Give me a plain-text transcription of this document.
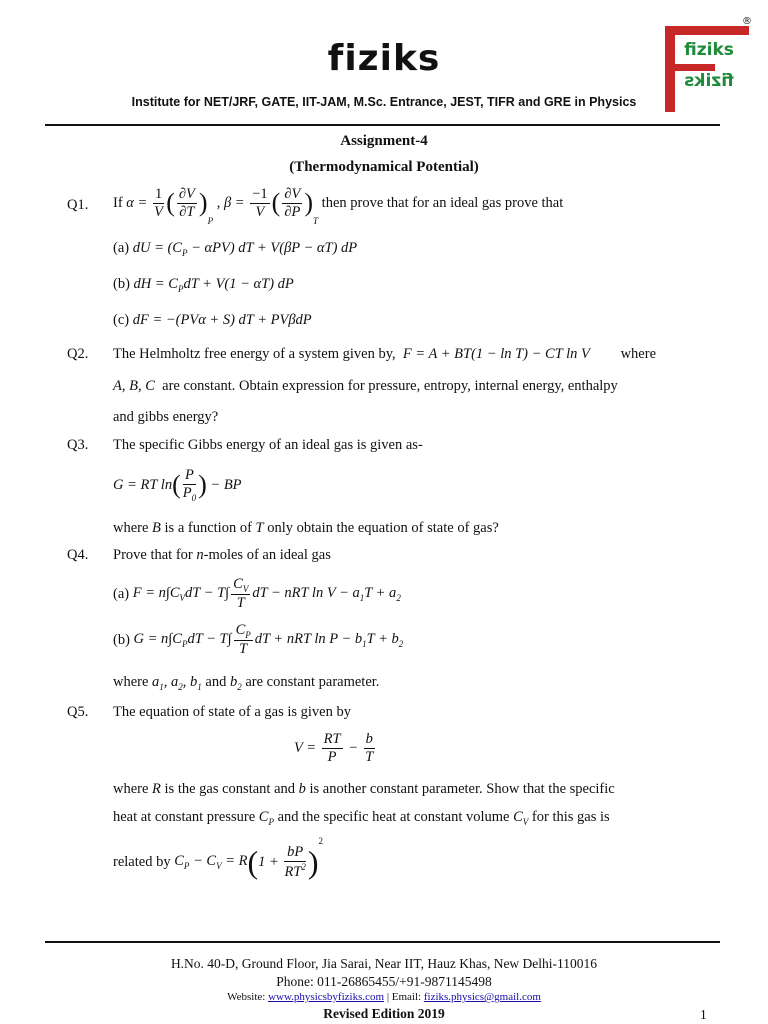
fiziks
Institute for NET/JRF, GATE, IIT-JAM, M.Sc. Entrance, JEST, TIFR and GRE in Physics
fiziks
fiziks
®
Assignment-4
(Thermodynamical Potential)
Q1. If
$\alpha = \frac{1}{V}$ ( $\frac{\partial V}{\partial T}$ )
$_P$
, $\beta = \frac{-1}{V}$ ( $\frac{\partial V}{\partial P}$ )
$_T$

then prove that for an ideal gas prove that
(a) dU = $(C_P - \alpha PV)$ dT + V(βP − αT) dP
(b) dH = $C_PdT + V(1 - \alpha T)$ dP
(c) dF = −(PVα + S) dT + PVβdP
Q2. The Helmholtz free energy of a system given by,  F = A + BT(1 − ln T) − CT ln V where
A, B, C are constant. Obtain expression for pressure, entropy, internal energy, enthalpy
and gibbs energy?
Q3. The specific Gibbs energy of an ideal gas is given as-
G = RT ln ( $\frac{P}{P_0}$ ) − BP
where B is a function of T only obtain the equation of state of gas?
Q4. Prove that for n-moles of an ideal gas
(a)
$F = n\int C_VdT - T\int \frac{C_V}{T}$ dT − nRT $\ln V - a_1T + a_2$
(b)
$G = n\int C_PdT - T\int \frac{C_P}{T}$ dT + nRT $\ln P - b_1T + b_2$
where $a_1$, $a_2$, $b_1$ and $b_2$ are constant parameter.
Q5. The equation of state of a gas is given by
$V = \frac{RT}{P} - \frac{b}{T}$
where R is the gas constant and b is another constant parameter. Show that the specific
heat at constant pressure $C_P$ and the specific heat at constant volume $C_V$ for this gas is
related by
$C_P - C_V = R$ ( $1 + \frac{bP}{RT^2}$ )
$^2$
H.No. 40-D, Ground Floor, Jia Sarai, Near IIT, Hauz Khas, New Delhi-110016
Phone: 011-26865455/+91-9871145498
Website: www.physicsbyfiziks.com | Email: fiziks.physics@gmail.com
Revised Edition 2019	1
